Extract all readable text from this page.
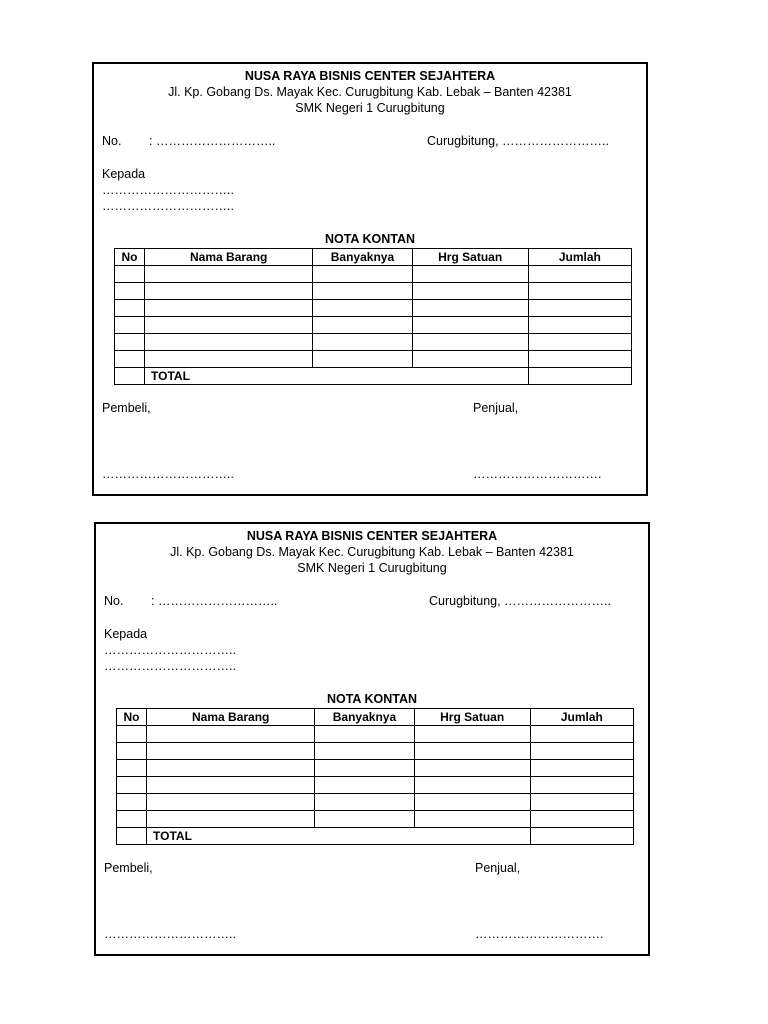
NUSA RAYA BISNIS CENTER SEJAHTERA
Jl. Kp. Gobang Ds. Mayak Kec. Curugbitung Kab. Lebak – Banten 42381
SMK Negeri 1 Curugbitung
No. : ………………………..	Curugbitung, ……………………..
Kepada
…………………………..
…………………………..
NOTA KONTAN
No	Nama Barang	Banyaknya	Hrg Satuan	Jumlah

	TOTAL			
Pembeli,	Penjual,
…………………………..	………………………….
NUSA RAYA BISNIS CENTER SEJAHTERA
Jl. Kp. Gobang Ds. Mayak Kec. Curugbitung Kab. Lebak – Banten 42381
SMK Negeri 1 Curugbitung
No. : ………………………..	Curugbitung, ……………………..
Kepada
…………………………..
…………………………..
NOTA KONTAN
No	Nama Barang	Banyaknya	Hrg Satuan	Jumlah

	TOTAL			
Pembeli,	Penjual,
…………………………..	………………………….
